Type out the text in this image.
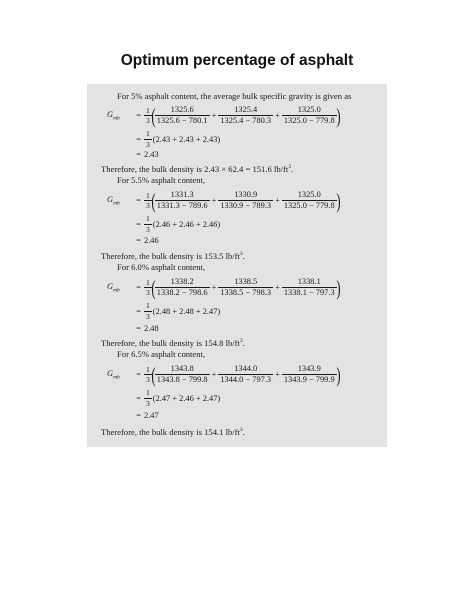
Optimum percentage of asphalt
For 5% asphalt content, the average bulk specific gravity is given as
$G_{mb}$	= $\frac{1}{3}$ ( $\frac{1325.6}{1325.6 - 780.1} + \frac{1325.4}{1325.4 - 780.3} + \frac{1325.0}{1325.0 - 779.8}$ )
= $\frac{1}{3} (2.43 + 2.43 + 2.43)$
= 2.43
Therefore, the bulk density is 2.43 × 62.4 = 151.6 $lb/ft^3$.
For 5.5% asphalt content,
$G_{mb}$	= $\frac{1}{3}$ ( $\frac{1331.3}{1331.3 - 789.6} + \frac{1330.9}{1330.9 - 789.3} + \frac{1325.0}{1325.0 - 779.8}$ )
= $\frac{1}{3} (2.46 + 2.46 + 2.46)$
= 2.46
Therefore, the bulk density is 153.5 $lb/ft^3$.
For 6.0% asphalt content,
$G_{mb}$	= $\frac{1}{3}$ ( $\frac{1338.2}{1338.2 - 798.6} + \frac{1338.5}{1338.5 - 798.3} + \frac{1338.1}{1338.1 - 797.3}$ )
= $\frac{1}{3} (2.48 + 2.48 + 2.47)$
= 2.48
Therefore, the bulk density is 154.8 $lb/ft^3$.
For 6.5% asphalt content,
$G_{mb}$	= $\frac{1}{3}$ ( $\frac{1343.8}{1343.8 - 799.8} + \frac{1344.0}{1344.0 - 797.3} + \frac{1343.9}{1343.9 - 799.9}$ )
= $\frac{1}{3} (2.47 + 2.46 + 2.47)$
= 2.47
Therefore, the bulk density is 154.1 $lb/ft^3$.
